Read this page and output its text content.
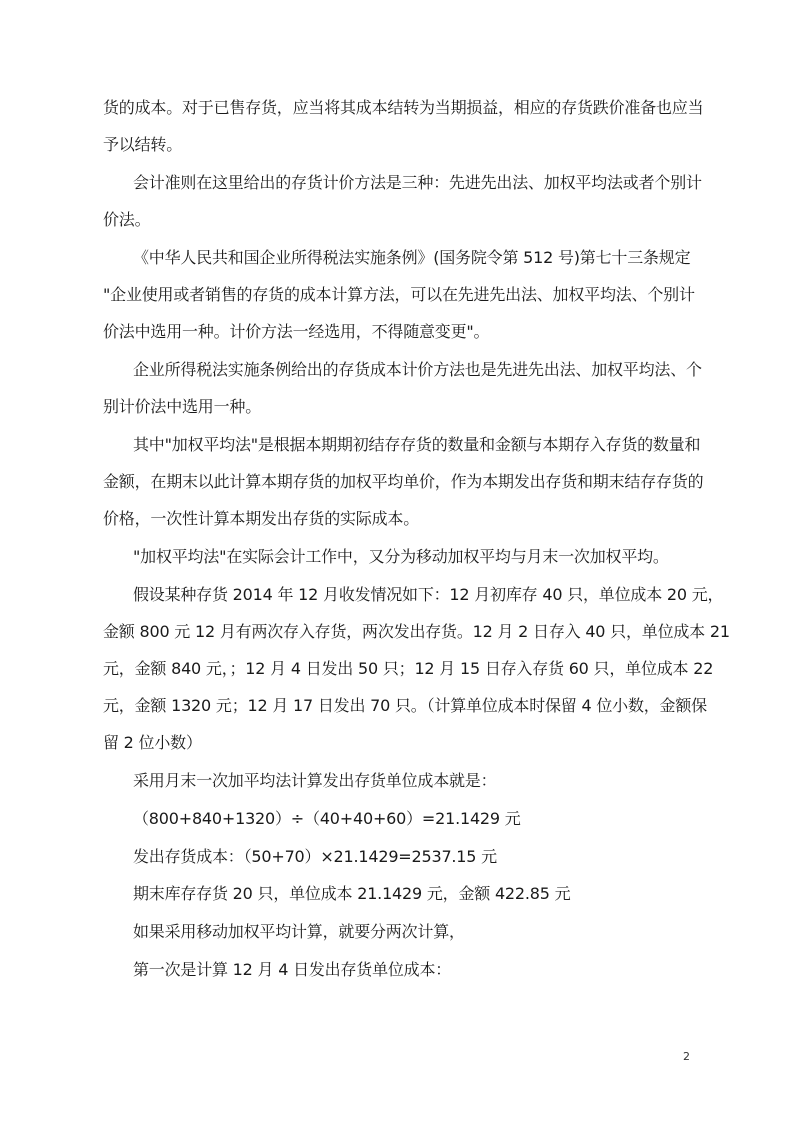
货的成本。对于已售存货，应当将其成本结转为当期损益，相应的存货跌价准备也应当

予以结转。

会计准则在这里给出的存货计价方法是三种：先进先出法、加权平均法或者个别计

价法。

《中华人民共和国企业所得税法实施条例》(国务院令第 512 号)第七十三条规定

"企业使用或者销售的存货的成本计算方法，可以在先进先出法、加权平均法、个别计

价法中选用一种。计价方法一经选用，不得随意变更"。

企业所得税法实施条例给出的存货成本计价方法也是先进先出法、加权平均法、个

别计价法中选用一种。

其中"加权平均法"是根据本期期初结存存货的数量和金额与本期存入存货的数量和

金额，在期末以此计算本期存货的加权平均单价，作为本期发出存货和期末结存存货的

价格，一次性计算本期发出存货的实际成本。

"加权平均法"在实际会计工作中，又分为移动加权平均与月末一次加权平均。

假设某种存货 2014 年 12 月收发情况如下：12 月初库存 40 只，单位成本 20 元，

金额 800 元 12 月有两次存入存货，两次发出存货。12 月 2 日存入 40 只，单位成本 21

元，金额 840 元，；12 月 4 日发出 50 只；12 月 15 日存入存货 60 只，单位成本 22

元，金额 1320 元；12 月 17 日发出 70 只。（计算单位成本时保留 4 位小数，金额保

留 2 位小数）

采用月末一次加平均法计算发出存货单位成本就是：

（800+840+1320）÷（40+40+60）=21.1429 元

发出存货成本：（50+70）×21.1429=2537.15 元

期末库存存货 20 只，单位成本 21.1429 元，金额 422.85 元

如果采用移动加权平均计算，就要分两次计算，

第一次是计算 12 月 4 日发出存货单位成本：

2
